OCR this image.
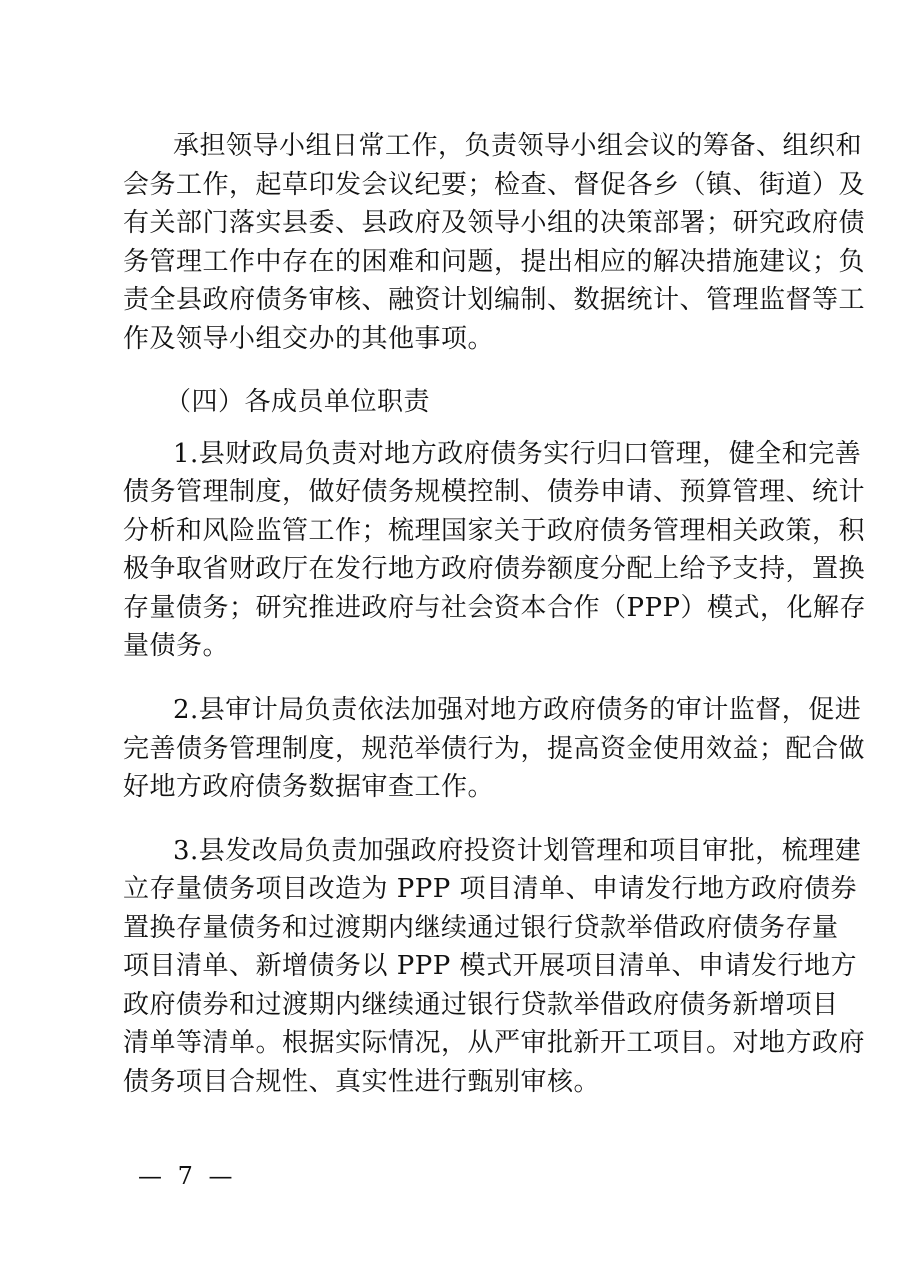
承担领导小组日常工作，负责领导小组会议的筹备、组织和
会务工作，起草印发会议纪要；检查、督促各乡（镇、街道）及
有关部门落实县委、县政府及领导小组的决策部署；研究政府债
务管理工作中存在的困难和问题，提出相应的解决措施建议；负
责全县政府债务审核、融资计划编制、数据统计、管理监督等工
作及领导小组交办的其他事项。
（四）各成员单位职责
1.县财政局负责对地方政府债务实行归口管理，健全和完善
债务管理制度，做好债务规模控制、债券申请、预算管理、统计
分析和风险监管工作；梳理国家关于政府债务管理相关政策，积
极争取省财政厅在发行地方政府债券额度分配上给予支持，置换
存量债务；研究推进政府与社会资本合作（PPP）模式，化解存
量债务。
2.县审计局负责依法加强对地方政府债务的审计监督，促进
完善债务管理制度，规范举债行为，提高资金使用效益；配合做
好地方政府债务数据审查工作。
3.县发改局负责加强政府投资计划管理和项目审批，梳理建
立存量债务项目改造为 PPP 项目清单、申请发行地方政府债券
置换存量债务和过渡期内继续通过银行贷款举借政府债务存量
项目清单、新增债务以 PPP 模式开展项目清单、申请发行地方
政府债券和过渡期内继续通过银行贷款举借政府债务新增项目
清单等清单。根据实际情况，从严审批新开工项目。对地方政府
债务项目合规性、真实性进行甄别审核。
— 7 —
